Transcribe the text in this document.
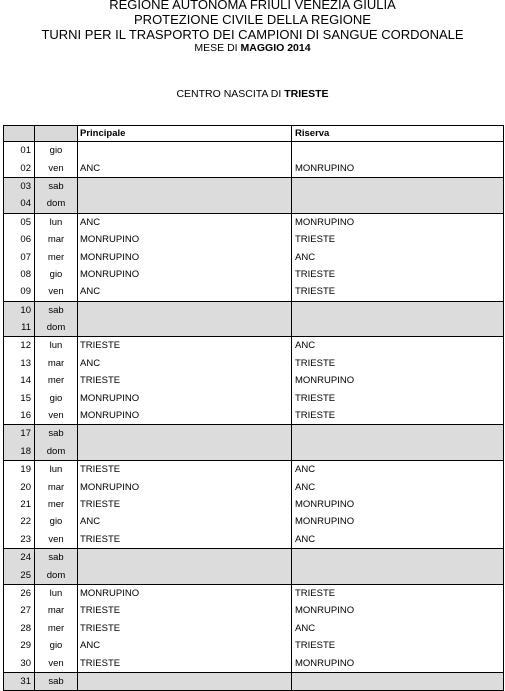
REGIONE AUTONOMA FRIULI VENEZIA GIULIA
PROTEZIONE CIVILE DELLA REGIONE
TURNI PER IL TRASPORTO DEI CAMPIONI DI SANGUE CORDONALE
MESE DI MAGGIO 2014
CENTRO NASCITA DI TRIESTE
		Principale	Riserva
01	gio		
02	ven	ANC	MONRUPINO
03	sab		
04	dom		
05	lun	ANC	MONRUPINO
06	mar	MONRUPINO	TRIESTE
07	mer	MONRUPINO	ANC
08	gio	MONRUPINO	TRIESTE
09	ven	ANC	TRIESTE
10	sab		
11	dom		
12	lun	TRIESTE	ANC
13	mar	ANC	TRIESTE
14	mer	TRIESTE	MONRUPINO
15	gio	MONRUPINO	TRIESTE
16	ven	MONRUPINO	TRIESTE
17	sab		
18	dom		
19	lun	TRIESTE	ANC
20	mar	MONRUPINO	ANC
21	mer	TRIESTE	MONRUPINO
22	gio	ANC	MONRUPINO
23	ven	TRIESTE	ANC
24	sab		
25	dom		
26	lun	MONRUPINO	TRIESTE
27	mar	TRIESTE	MONRUPINO
28	mer	TRIESTE	ANC
29	gio	ANC	TRIESTE
30	ven	TRIESTE	MONRUPINO
31	sab		
